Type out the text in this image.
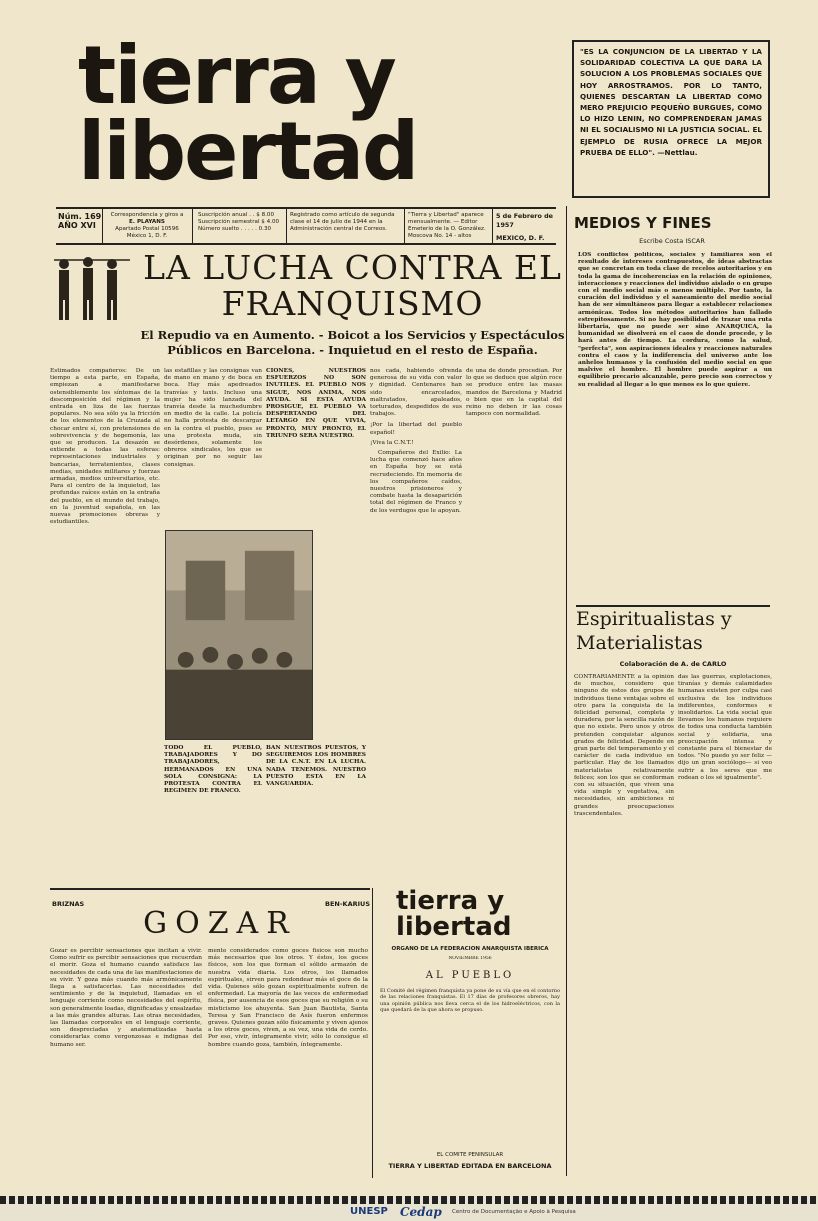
tierra y
libertad
"ES LA CONJUNCION DE LA LIBERTAD Y LA SOLIDARIDAD COLECTIVA LA QUE DARA LA SOLUCION A LOS PROBLEMAS SOCIALES QUE HOY ARROSTRAMOS. POR LO TANTO, QUIENES DESCARTAN LA LIBERTAD COMO MERO PREJUICIO PEQUEÑO BURGUES, COMO LO HIZO LENIN, NO COMPRENDERAN JAMAS NI EL SOCIALISMO NI LA JUSTICIA SOCIAL. EL EJEMPLO DE RUSIA OFRECE LA MEJOR PRUEBA DE ELLO". —Nettlau.
Núm. 169
AÑO XVI
Correspondencia y giros a
E. PLAYANS
Apartado Postal 10596
México 1, D. F.
Suscripción anual . . $ 8.00
Suscripción semestral $ 4.00
Número suelto . . . . . 0.30
Registrado como artículo de segunda clase el 14 de julio de 1944 en la Administración central de Correos.
"Tierra y Libertad" aparece mensualmente. — Editor Emeterio de la O. González. Moscova No. 14 - altos
5 de Febrero de 1957
MEXICO, D. F.
MEDIOS Y FINES
Escribe Costa ISCAR
LOS conflictos políticos, sociales y familiares son el resultado de intereses contrapuestos, de ideas abstractas que se concretan en toda clase de recelos autoritarios y en toda la gama de incoherencias en la relación de opiniones, interacciones y reacciones del individuo aislado o en grupo con el medio social más o menos múltiple. Por tanto, la curación del individuo y el saneamiento del medio social han de ser simultáneos para llegar a establecer relaciones armónicas. Todos los métodos autoritarios han fallado estrepitosamente. Si no hay posibilidad de trazar una ruta libertaria, que no puede ser sino ANARQUICA, la humanidad se disolverá en el caos de donde procede, y lo hará antes de tiempo. La cordura, como la salud, "perfecta", son aspiraciones ideales y reacciones naturales contra el caos y la indiferencia del universo ante los anhelos humanos y la confusión del medio social en que malvive el hombre. El hombre puede aspirar a un equilibrio precario alcanzable, pero precio son correctos y su realidad al llegar a lo que menos es lo que quiere.
Espiritualistas y Materialistas
Colaboración de A. de CARLO
CONTRARIAMENTE a la opinión de muchos, considero que ninguno de estos dos grupos de individuos tiene ventajas sobre el otro para la conquista de la felicidad personal, completa y duradera, por la sencilla razón de que no existe. Pero unos y otros pretenden conquistar algunos grados de felicidad. Depende en gran parte del temperamento y el carácter de cada individuo en particular. Hay de los llamados materialistas relativamente felices; son los que se conforman con su situación, que viven una vida simple y vegetativa, sin necesidades, sin ambiciones ni grandes preocupaciones trascendentales.
das las guerras, explotaciones, tiranías y demás calamidades humanas existen por culpa casi exclusiva de los individuos indiferentes, conformes e insolidarios. La vida social que llevamos los humanos requiere de todos una conducta también social y solidaria, una preocupación intensa y constante para el bienestar de todos. "No puedo yo ser feliz —dijo un gran sociólogo— si veo sufrir a los seres que me rodean o los sé igualmente".
LA LUCHA CONTRA EL FRANQUISMO
El Repudio va en Aumento. - Boicot a los Servicios y Espectáculos Públicos en Barcelona. - Inquietud en el resto de España.
Estimados compañeros: De un tiempo a esta parte, en España, empiezan a manifestarse ostensiblemente los síntomas de la descomposición del régimen y la entrada en liza de las fuerzas populares. No sea sólo ya la fricción de los elementos de la Cruzada al chocar entre sí, con pretensiones de sobrevivencia y de hegemonía, las que se producen. La desazón se extiende a todas las esferas: representaciones industriales y bancarias, terratenientes, clases medias, unidades militares y fuerzas armadas, medios universitarios, etc. Para el centro de la inquietud, las profundas raíces están en la entraña del pueblo, en el mundo del trabajo, en la juventud española, en las nuevas promociones obreras y estudiantiles.
las estafillas y las consignas van de mano en mano y de boca en boca. Hay más apedreados tranvías y taxis. Incluso una mujer ha sido lanzada del tranvía desde la muchedumbre en medio de la calle. La policía no halla protesta de descargar en la contra el pueblo, pues se una protesta muda, sin desórdenes, solamente los obreros sindicales, los que se originan por no seguir las consignas.
CIONES, NUESTROS ESFUERZOS NO SON INUTILES. EL PUEBLO NOS SIGUE, NOS ANIMA, NOS AYUDA. SI ESTA AYUDA PROSIGUE, EL PUEBLO VA DESPERTANDO DEL LETARGO EN QUE VIVIA, PRONTO, MUY PRONTO, EL TRIUNFO SERA NUESTRO.
TODO EL PUEBLO, TRABAJADORES Y DO TRABAJADORES, HERMANADOS EN UNA SOLA CONSIGNA: LA PROTESTA CONTRA EL REGIMEN DE FRANCO.
BAN NUESTROS PUESTOS, Y SEGUIREMOS LOS HOMBRES DE LA C.N.T. EN LA LUCHA. NADA TENEMOS. NUESTRO PUESTO ESTA EN LA VANGUARDIA.
nos cada, habiendo ofrenda generosa de su vida con valor y dignidad. Centenares han sido encarcelados, maltratados, apaleados, torturados, despedidos de sus trabajos.

¡Por la libertad del pueblo español!

¡Viva la C.N.T.!

Compañeros del Exilio: La lucha que comenzó hace años en España hoy se está recrudeciendo. En memoria de los compañeros caídos, nuestros prisioneros y combate hasta la desaparición total del régimen de Franco y de los verdugos que le apoyan.

de una de donde procedían. Por lo que se deduce que algún roce se produce entre las masas mandos de Barcelona y Madrid o bien que en la capital del reino no deben ir las cosas tampoco con normalidad.
BRIZNAS
GOZAR
BEN-KARIUS
Gozar es percibir sensaciones que incitan a vivir. Como sufrir es percibir sensaciones que recuerdan el morir. Goza el humano cuando satisface las necesidades de cada una de las manifestaciones de su vivir. Y goza más cuando más armónicamente llega a satisfacerlas. Las necesidades del sentimiento y de la inquietud, llamadas en el lenguaje corriente como necesidades del espíritu, son generalmente loadas, dignificadas y ensalzadas a las más grandes alturas. Las otras necesidades, las llamadas corporales en el lenguaje corriente, son despreciadas y anatematizadas hasta considerarlas como vergonzosas e indignas del humano ser.
mente considerados como goces físicos son mucho más necesarios que los otros. Y éstos, los goces físicos, son los que forman el sólido armazón de nuestra vida diaria. Los otros, los llamados espirituales, sirven para redondear más el goce de la vida. Quienes sólo gozan espiritualmente sufren de enfermedad. La mayoría de las veces de enfermedad física, por ausencia de esos goces que su religión o su misticismo los ahuyenta. San Juan Bautista, Santa Teresa y San Francisco de Asís fueron enfermos graves. Quienes gozan sólo físicamente y viven ajenos a los otros goces, viven, a su vez, una vida de cerdo. Por eso, vivir, íntegramente vivir, sólo lo consigue el hombre cuando goza, también, íntegramente.
tierra y libertad
ORGANO DE LA FEDERACION ANARQUISTA IBERICA
NOVIEMBRE 1956
AL PUEBLO
El Comité del régimen franquista ya pone de su vía que en el contorno de las relaciones franquistas. El 17 días de profesores obreros, hay una opinión pública nos lleva cerca el de los hidroeléctricos, con la que quedará de la que ahora se propuso.
EL COMITE PENINSULAR
TIERRA Y LIBERTAD EDITADA EN BARCELONA
UNESP	Cedap	Centro de Documentação e Apoio à Pesquisa
